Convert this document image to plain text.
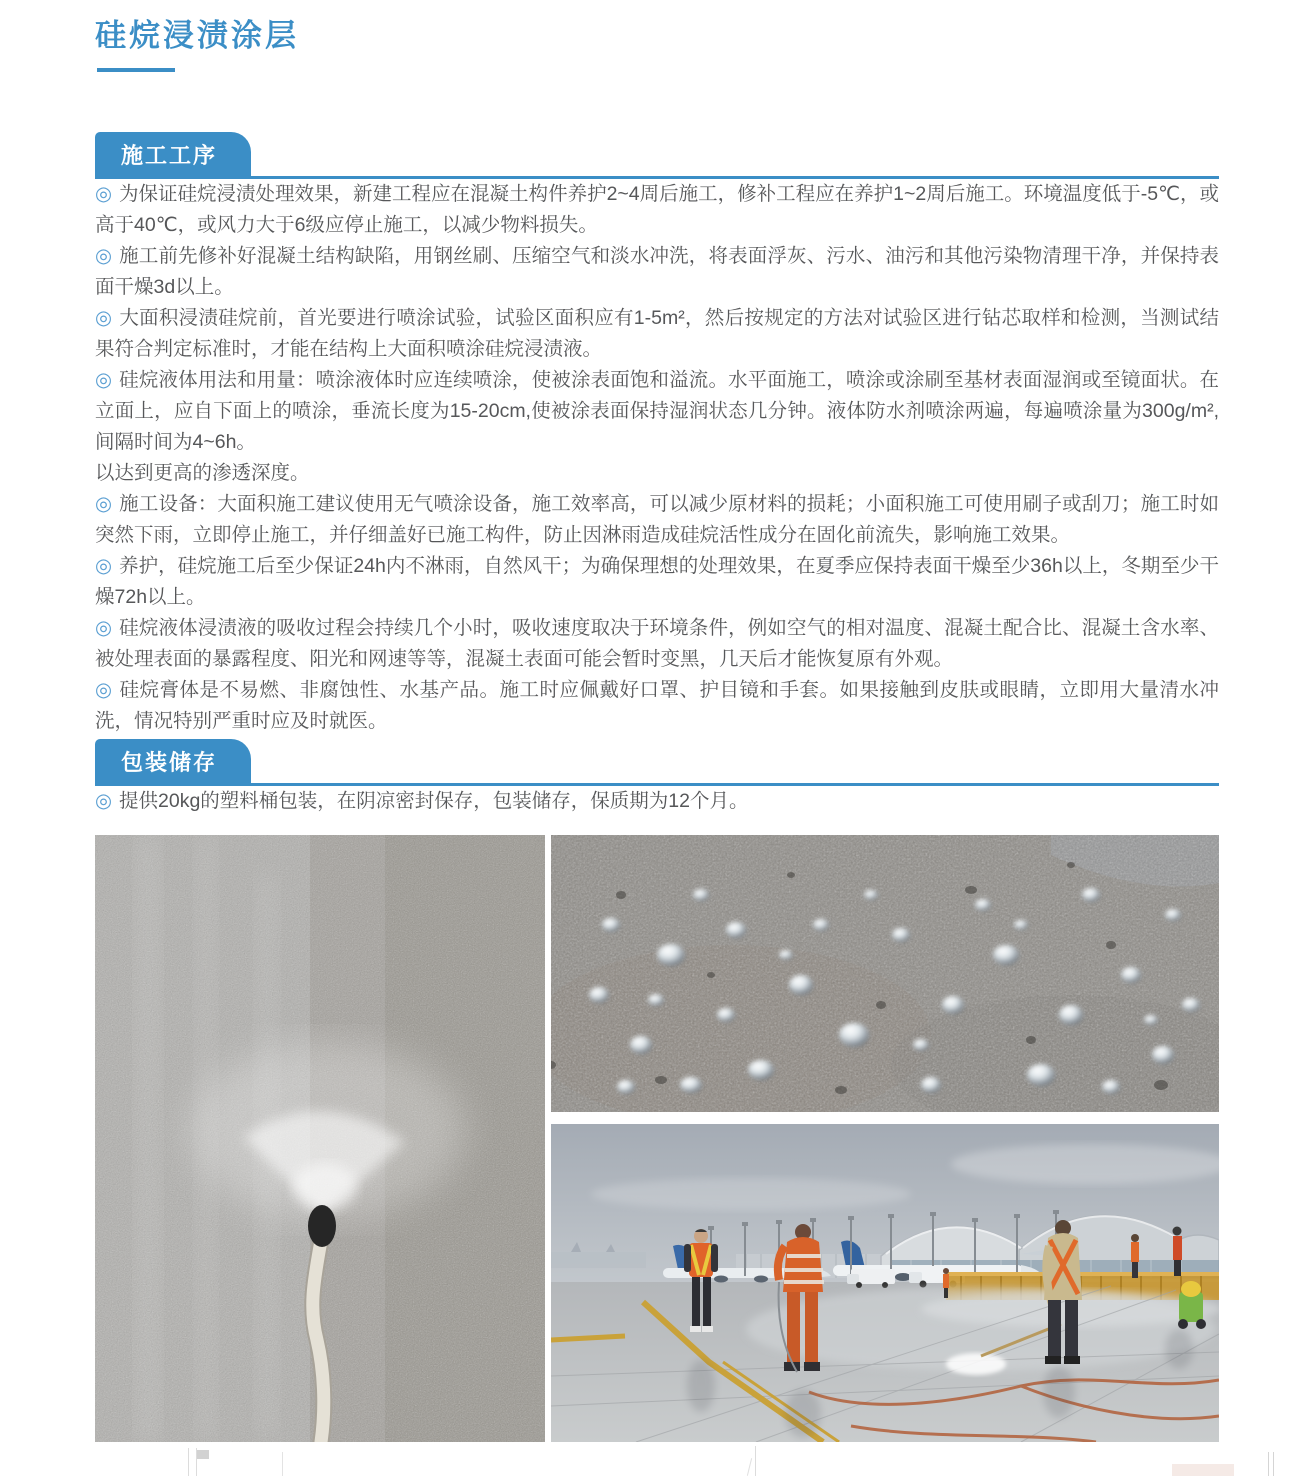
硅烷浸渍涂层
施工工序

◎ 为保证硅烷浸渍处理效果，新建工程应在混凝土构件养护2~4周后施工，修补工程应在养护1~2周后施工。环境温度低于-5℃，或高于40℃，或风力大于6级应停止施工，以减少物料损失。

◎ 施工前先修补好混凝土结构缺陷，用钢丝刷、压缩空气和淡水冲洗，将表面浮灰、污水、油污和其他污染物清理干净，并保持表面干燥3d以上。

◎ 大面积浸渍硅烷前，首光要进行喷涂试验，试验区面积应有1-5m²，然后按规定的方法对试验区进行钻芯取样和检测，当测试结果符合判定标准时，才能在结构上大面积喷涂硅烷浸渍液。

◎ 硅烷液体用法和用量：喷涂液体时应连续喷涂，使被涂表面饱和溢流。水平面施工，喷涂或涂刷至基材表面湿润或至镜面状。在立面上，应自下面上的喷涂，垂流长度为15-20cm,使被涂表面保持湿润状态几分钟。液体防水剂喷涂两遍，每遍喷涂量为300g/m²,间隔时间为4~6h。

以达到更高的渗透深度。

◎ 施工设备：大面积施工建议使用无气喷涂设备，施工效率高，可以减少原材料的损耗；小面积施工可使用刷子或刮刀；施工时如突然下雨，立即停止施工，并仔细盖好已施工构件，防止因淋雨造成硅烷活性成分在固化前流失，影响施工效果。

◎ 养护，硅烷施工后至少保证24h内不淋雨，自然风干；为确保理想的处理效果，在夏季应保持表面干燥至少36h以上，冬期至少干燥72h以上。

◎ 硅烷液体浸渍液的吸收过程会持续几个小时，吸收速度取决于环境条件，例如空气的相对温度、混凝土配合比、混凝土含水率、被处理表面的暴露程度、阳光和网速等等，混凝土表面可能会暂时变黑，几天后才能恢复原有外观。

◎ 硅烷膏体是不易燃、非腐蚀性、水基产品。施工时应佩戴好口罩、护目镜和手套。如果接触到皮肤或眼睛，立即用大量清水冲洗，情况特别严重时应及时就医。

包装储存

◎ 提供20kg的塑料桶包装，在阴凉密封保存，包装储存，保质期为12个月。
